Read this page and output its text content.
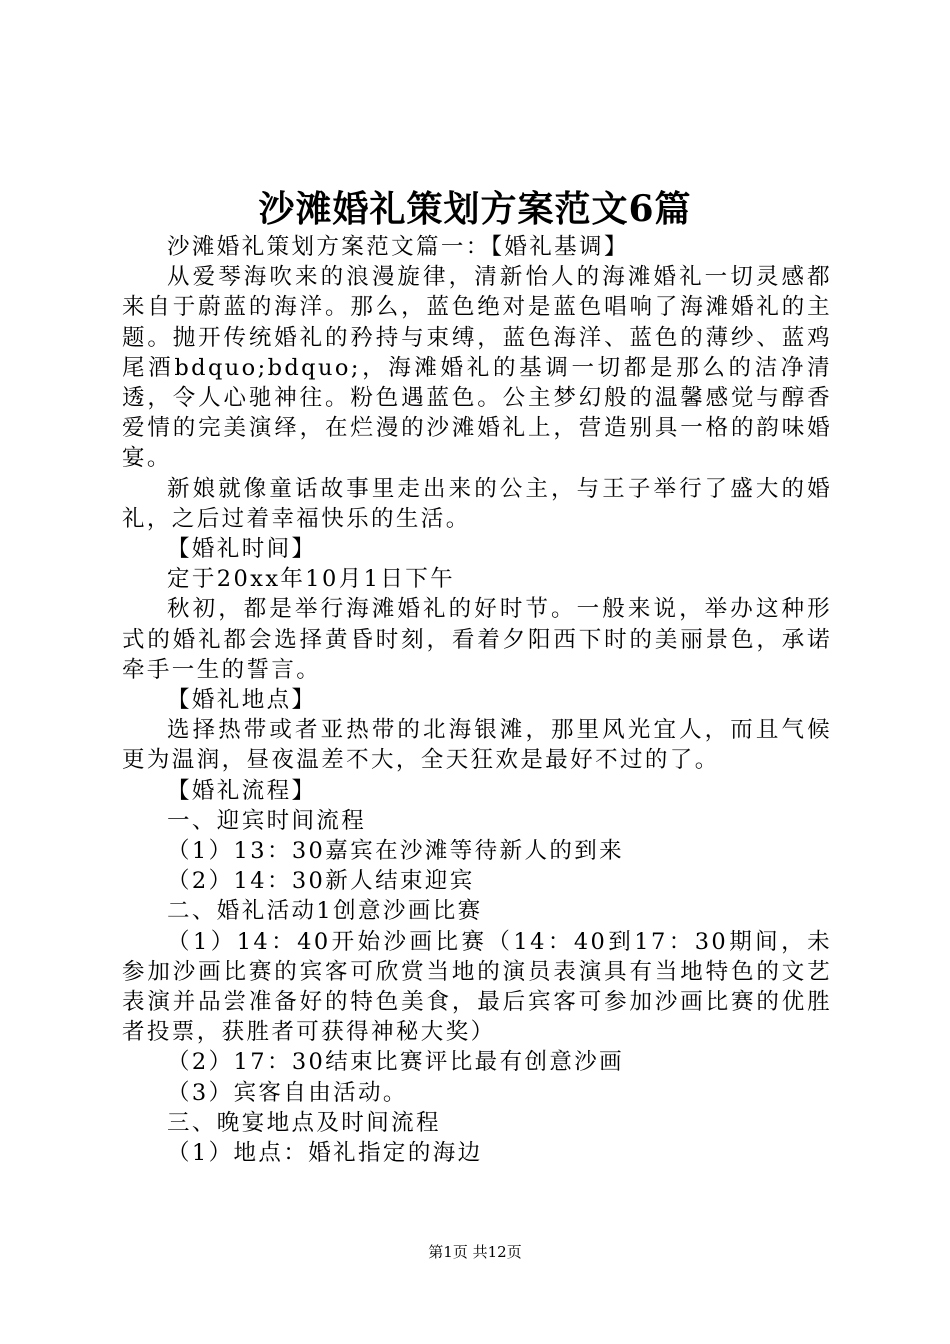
沙滩婚礼策划方案范文6篇

沙滩婚礼策划方案范文篇一：【婚礼基调】

从爱琴海吹来的浪漫旋律，清新怡人的海滩婚礼一切灵感都来自于蔚蓝的海洋。那么，蓝色绝对是蓝色唱响了海滩婚礼的主题。抛开传统婚礼的矜持与束缚，蓝色海洋、蓝色的薄纱、蓝鸡尾酒bdquo;bdquo;，海滩婚礼的基调一切都是那么的洁净清透，令人心驰神往。粉色遇蓝色。公主梦幻般的温馨感觉与醇香爱情的完美演绎，在烂漫的沙滩婚礼上，营造别具一格的韵味婚宴。

新娘就像童话故事里走出来的公主，与王子举行了盛大的婚礼，之后过着幸福快乐的生活。

【婚礼时间】

定于20xx年10月1日下午

秋初，都是举行海滩婚礼的好时节。一般来说，举办这种形式的婚礼都会选择黄昏时刻，看着夕阳西下时的美丽景色，承诺牵手一生的誓言。

【婚礼地点】

选择热带或者亚热带的北海银滩，那里风光宜人，而且气候更为温润，昼夜温差不大，全天狂欢是最好不过的了。

【婚礼流程】

一、迎宾时间流程

（1）13：30嘉宾在沙滩等待新人的到来

（2）14：30新人结束迎宾

二、婚礼活动1创意沙画比赛

（1）14：40开始沙画比赛（14：40到17：30期间，未参加沙画比赛的宾客可欣赏当地的演员表演具有当地特色的文艺表演并品尝准备好的特色美食，最后宾客可参加沙画比赛的优胜者投票，获胜者可获得神秘大奖）

（2）17：30结束比赛评比最有创意沙画

（3）宾客自由活动。

三、晚宴地点及时间流程

（1）地点：婚礼指定的海边

第1页 共12页
